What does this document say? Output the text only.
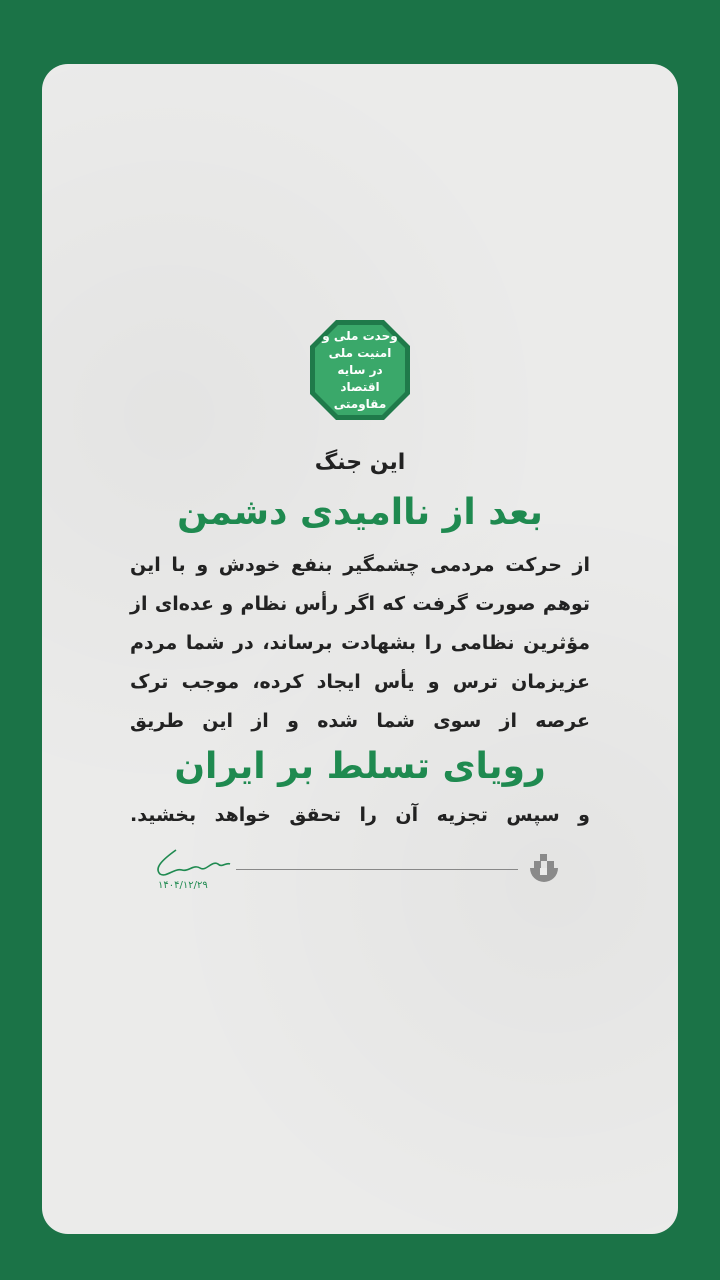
وحدت ملی و امنیت ملی در سایه اقتصاد مقاومتی
این جنگ
بعد از ناامیدی دشمن
از حرکت مردمی چشمگیر بنفع خودش و با این
توهم صورت گرفت که اگر رأس نظام و عده‌ای از
مؤثرین نظامی را بشهادت برساند، در شما مردم
عزیزمان ترس و یأس ایجاد کرده، موجب ترک
عرصه از سوی شما شده و از این طریق
رویای تسلط بر ایران
و سپس تجزیه آن را تحقق خواهد بخشید.
۱۴۰۴/۱۲/۲۹
